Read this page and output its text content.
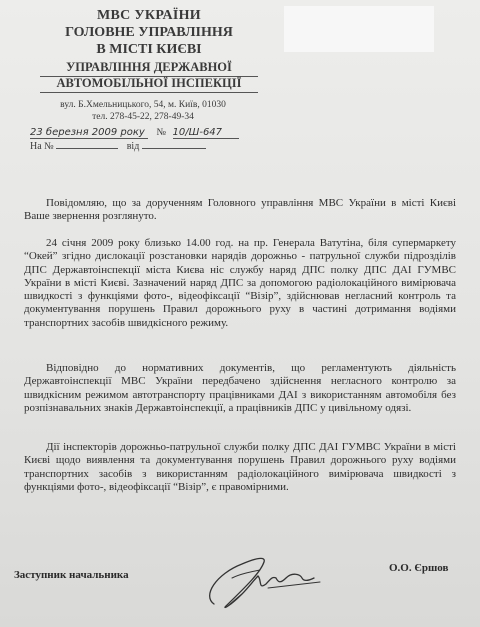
МВС УКРАЇНИ
ГОЛОВНЕ УПРАВЛІННЯ
В МІСТІ КИЄВІ
УПРАВЛІННЯ ДЕРЖАВНОЇ
АВТОМОБІЛЬНОЇ ІНСПЕКЦІЇ
вул. Б.Хмельницького, 54, м. Київ, 01030
тел. 278-45-22, 278-49-34
23 березня 2009 року № 10/Ш-647
На №	від
Повідомляю, що за дорученням Головного управління МВС України в місті Києві Ваше звернення розглянуто.
24 січня 2009 року близько 14.00 год. на пр. Генерала Ватутіна, біля супермаркету “Окей” згідно дислокації розстановки нарядів дорожньо - патрульної служби підрозділів ДПС Державтоінспекції міста Києва ніс службу наряд ДПС полку ДПС ДАІ ГУМВС України в місті Києві. Зазначений наряд ДПС за допомогою радіолокаційного вимірювача швидкості з функціями фото-, відеофіксації “Візір”, здійснював негласний контроль та документування порушень Правил дорожнього руху в частині дотримання водіями транспортних засобів швидкісного режиму.
Відповідно до нормативних документів, що регламентують діяльність Державтоінспекції МВС України передбачено здійснення негласного контролю за швидкісним режимом автотранспорту працівниками ДАІ з використанням автомобіля без розпізнавальних знаків Державтоінспекції, а працівників ДПС у цивільному одязі.
Дії інспекторів дорожньо-патрульної служби полку ДПС ДАІ ГУМВС України в місті Києві щодо виявлення та документування порушень Правил дорожнього руху водіями транспортних засобів з використанням радіолокаційного вимірювача швидкості з функціями фото-, відеофіксації “Візір”, є правомірними.
Заступник начальника
О.О. Єршов
